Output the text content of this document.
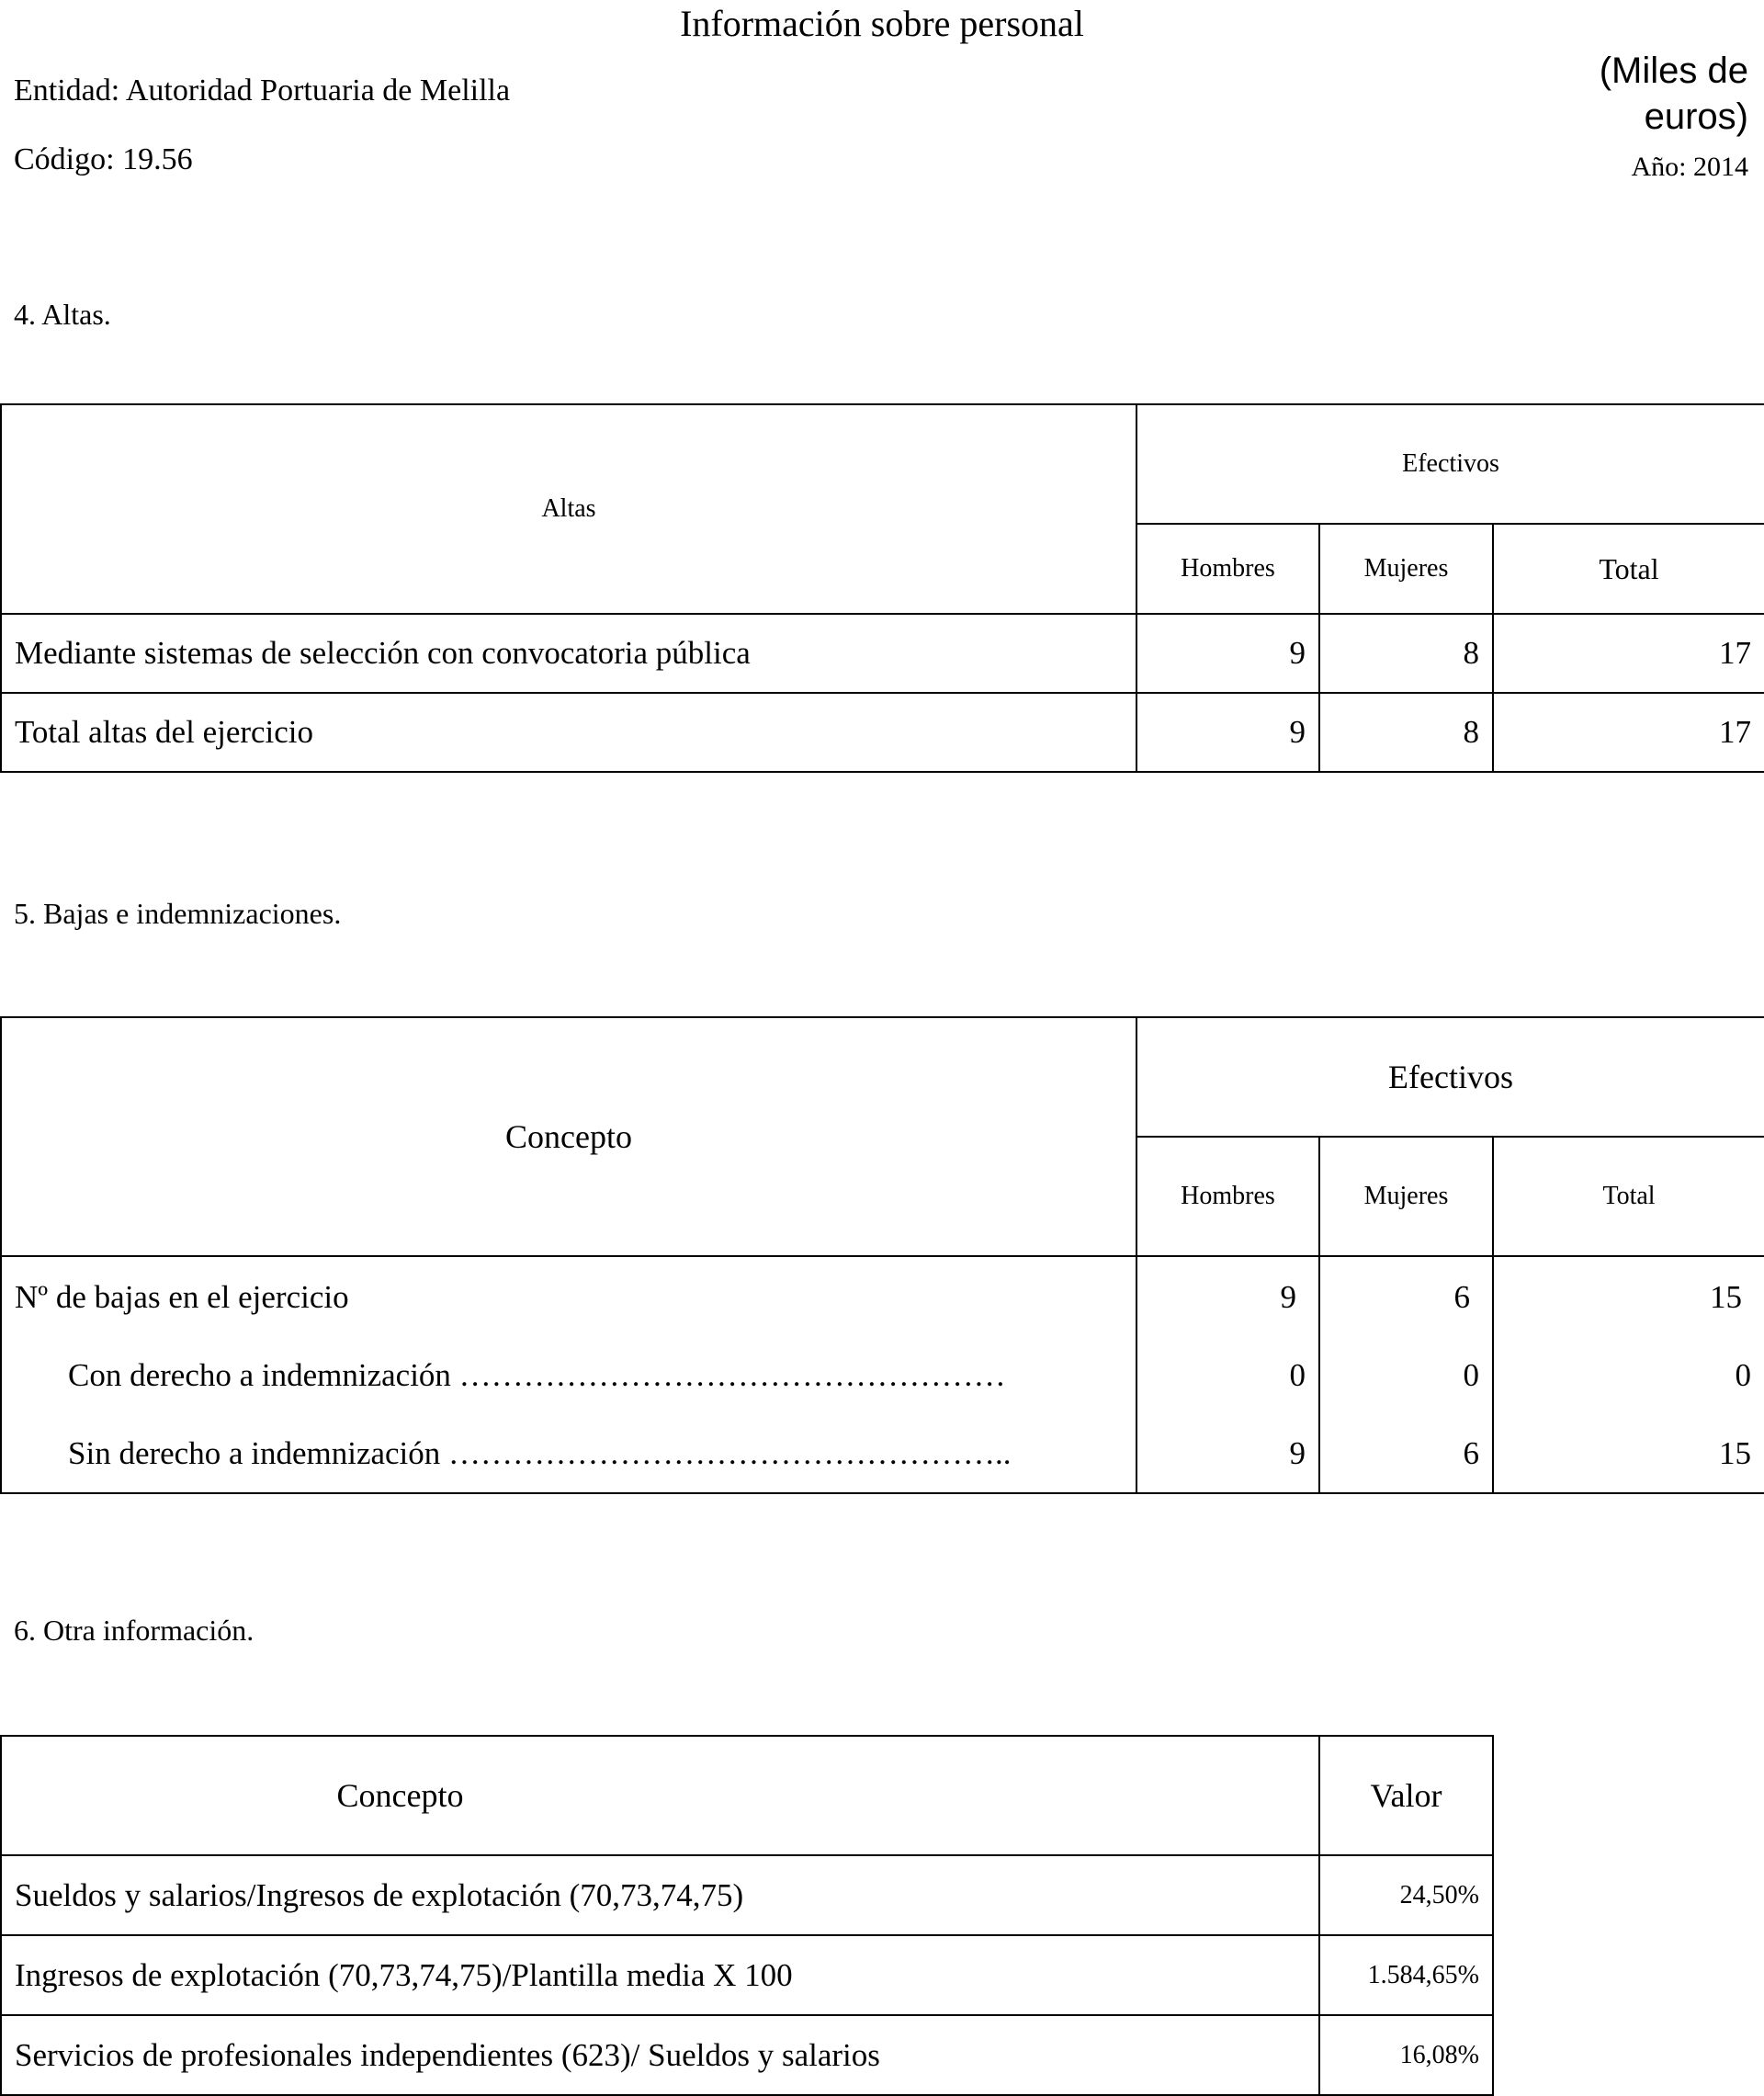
Información sobre personal
Entidad: Autoridad Portuaria de Melilla
Código: 19.56
(Miles de euros)
Año: 2014
4. Altas.
Altas	Efectivos		
	Hombres	Mujeres	Total
Mediante sistemas de selección con convocatoria pública	9	8	17
Total altas del ejercicio	9	8	17
5. Bajas e indemnizaciones.
Concepto	Efectivos		
	Hombres	Mujeres	Total
Nº de bajas en el ejercicio	9	6	15
Con derecho a indemnización ……………………………………………	0	0	0
Sin derecho a indemnización ……………………………………………..	9	6	15
6. Otra información.
Concepto	Valor
Sueldos y salarios/Ingresos de explotación (70,73,74,75)	24,50%
Ingresos de explotación (70,73,74,75)/Plantilla media X 100	1.584,65%
Servicios de profesionales independientes (623)/ Sueldos y salarios	16,08%
